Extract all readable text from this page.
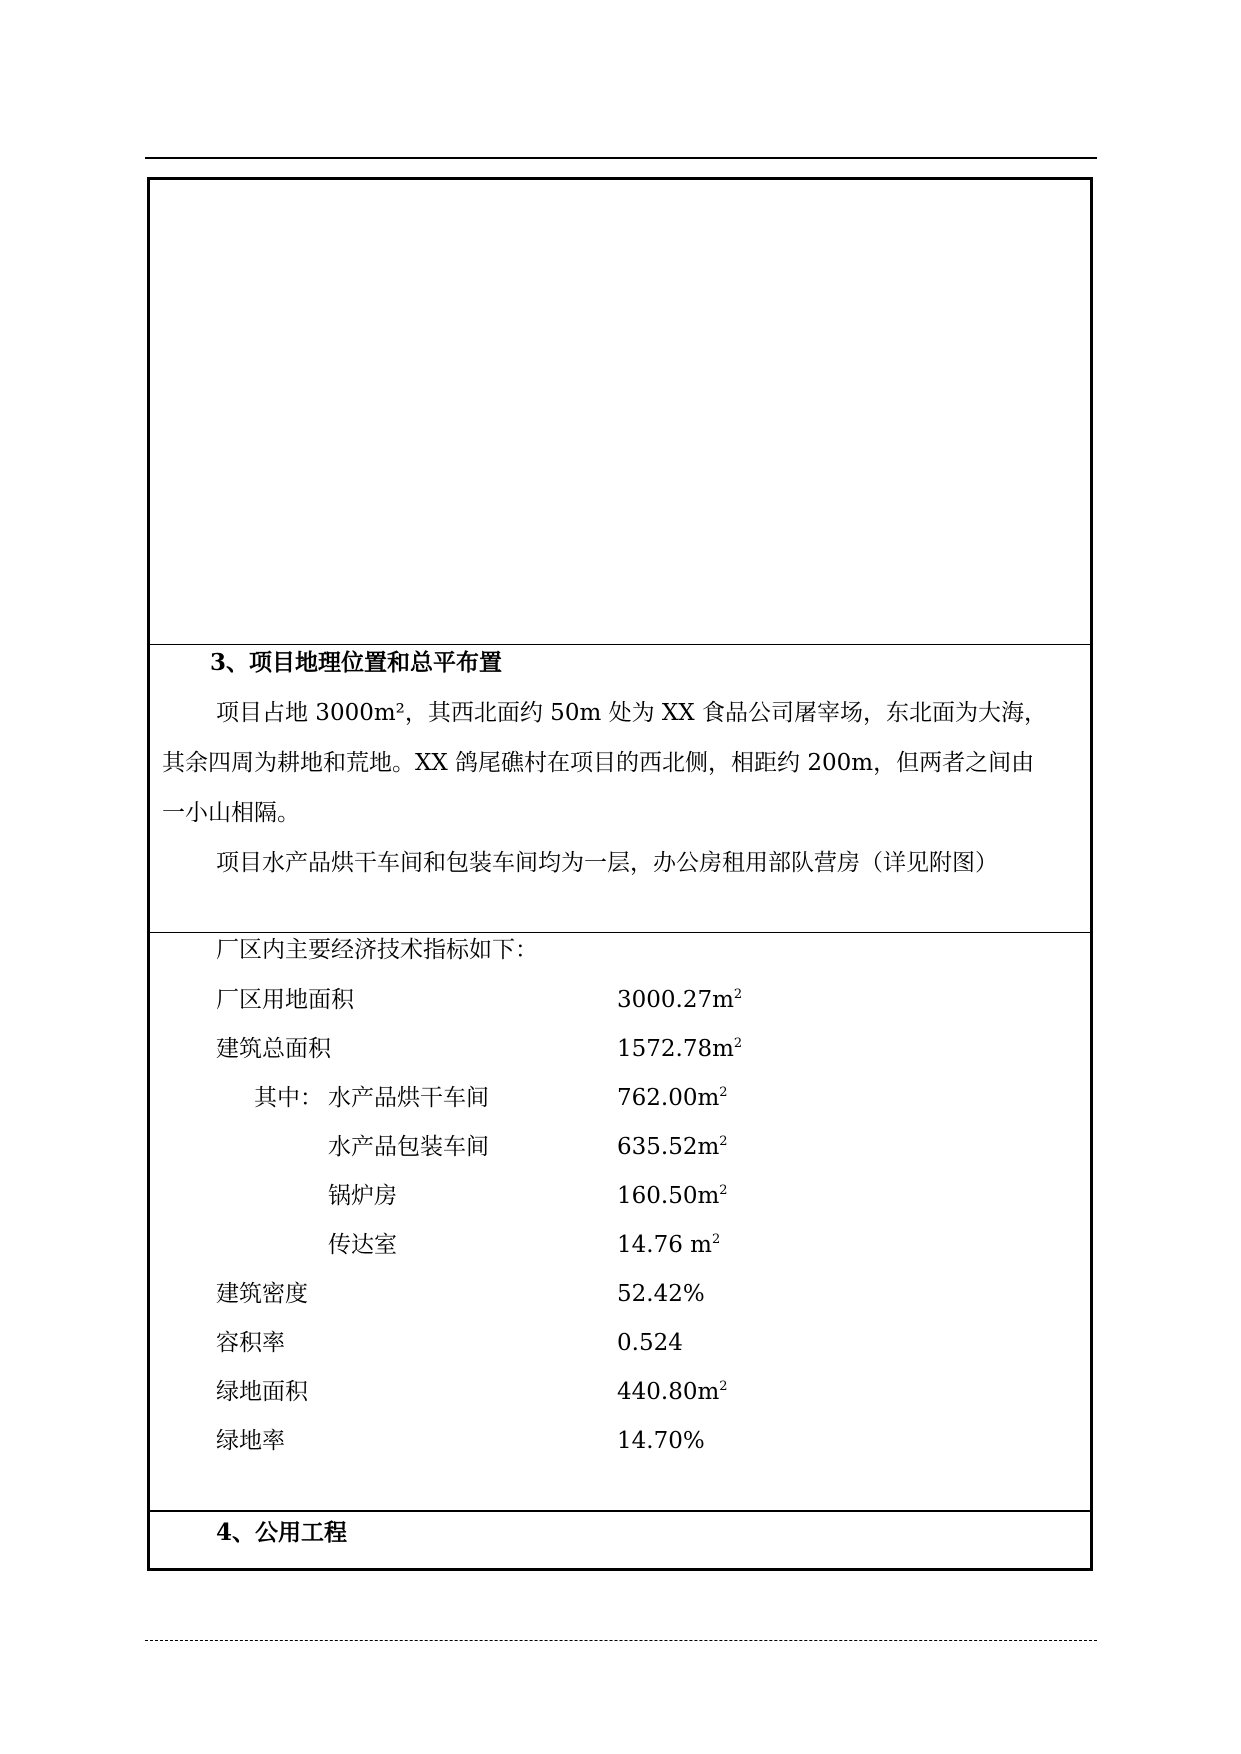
3、项目地理位置和总平布置
项目占地 3000m²，其西北面约 50m 处为 XX 食品公司屠宰场，东北面为大海，
其余四周为耕地和荒地。XX 鸽尾礁村在项目的西北侧，相距约 200m，但两者之间由
一小山相隔。
项目水产品烘干车间和包装车间均为一层，办公房租用部队营房（详见附图）
厂区内主要经济技术指标如下：
厂区用地面积	$3000.27m^2$
建筑总面积	$1572.78m^2$
其中： 水产品烘干车间	$762.00m^2$
水产品包装车间	$635.52m^2$
锅炉房	$160.50m^2$
传达室	14.76 $m^2$
建筑密度	52.42%
容积率	0.524
绿地面积	$440.80m^2$
绿地率	14.70%
4、公用工程
